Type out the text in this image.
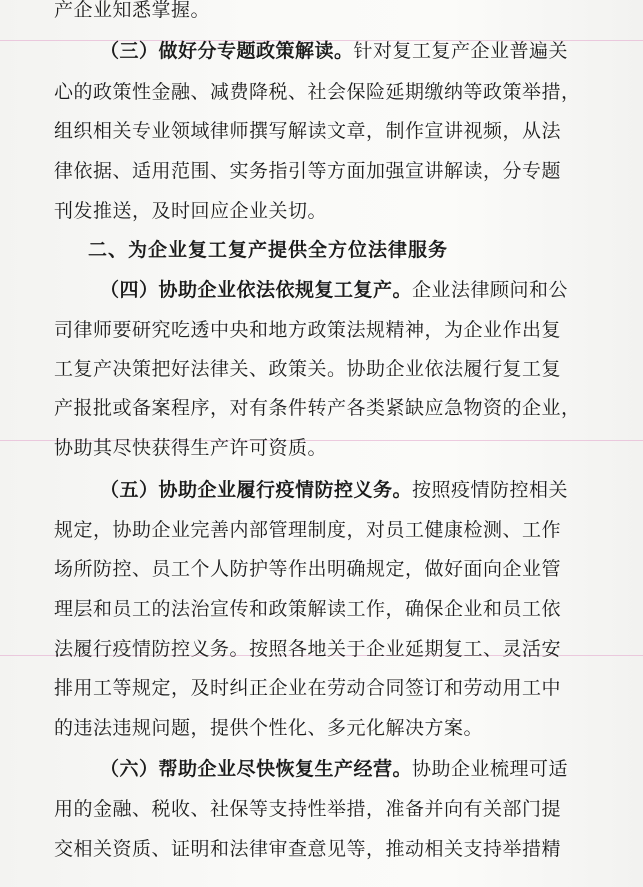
产企业知悉掌握。
（三）做好分专题政策解读。针对复工复产企业普遍关
心的政策性金融、减费降税、社会保险延期缴纳等政策举措，
组织相关专业领域律师撰写解读文章，制作宣讲视频，从法
律依据、适用范围、实务指引等方面加强宣讲解读，分专题
刊发推送，及时回应企业关切。
二、为企业复工复产提供全方位法律服务
（四）协助企业依法依规复工复产。企业法律顾问和公
司律师要研究吃透中央和地方政策法规精神，为企业作出复
工复产决策把好法律关、政策关。协助企业依法履行复工复
产报批或备案程序，对有条件转产各类紧缺应急物资的企业，
协助其尽快获得生产许可资质。
（五）协助企业履行疫情防控义务。按照疫情防控相关
规定，协助企业完善内部管理制度，对员工健康检测、工作
场所防控、员工个人防护等作出明确规定，做好面向企业管
理层和员工的法治宣传和政策解读工作，确保企业和员工依
法履行疫情防控义务。按照各地关于企业延期复工、灵活安
排用工等规定，及时纠正企业在劳动合同签订和劳动用工中
的违法违规问题，提供个性化、多元化解决方案。
（六）帮助企业尽快恢复生产经营。协助企业梳理可适
用的金融、税收、社保等支持性举措，准备并向有关部门提
交相关资质、证明和法律审查意见等，推动相关支持举措精
